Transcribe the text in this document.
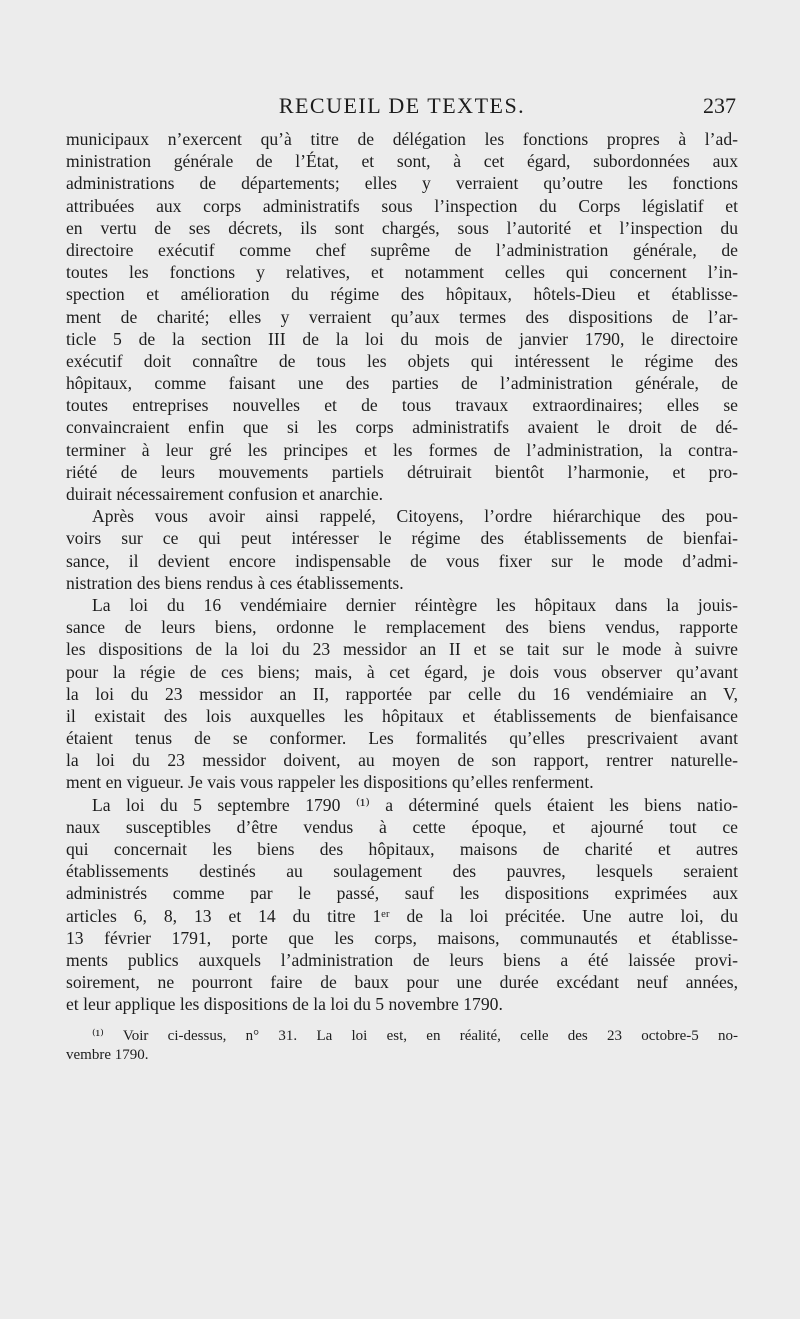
RECUEIL DE TEXTES.	237
municipaux n’exercent qu’à titre de délégation les fonctions propres à l’ad-
ministration générale de l’État, et sont, à cet égard, subordonnées aux
administrations de départements; elles y verraient qu’outre les fonctions
attribuées aux corps administratifs sous l’inspection du Corps législatif et
en vertu de ses décrets, ils sont chargés, sous l’autorité et l’inspection du
directoire exécutif comme chef suprême de l’administration générale, de
toutes les fonctions y relatives, et notamment celles qui concernent l’in-
spection et amélioration du régime des hôpitaux, hôtels-Dieu et établisse-
ment de charité; elles y verraient qu’aux termes des dispositions de l’ar-
ticle 5 de la section III de la loi du mois de janvier 1790, le directoire
exécutif doit connaître de tous les objets qui intéressent le régime des
hôpitaux, comme faisant une des parties de l’administration générale, de
toutes entreprises nouvelles et de tous travaux extraordinaires; elles se
convaincraient enfin que si les corps administratifs avaient le droit de dé-
terminer à leur gré les principes et les formes de l’administration, la contra-
riété de leurs mouvements partiels détruirait bientôt l’harmonie, et pro-
duirait nécessairement confusion et anarchie.
Après vous avoir ainsi rappelé, Citoyens, l’ordre hiérarchique des pou-
voirs sur ce qui peut intéresser le régime des établissements de bienfai-
sance, il devient encore indispensable de vous fixer sur le mode d’admi-
nistration des biens rendus à ces établissements.
La loi du 16 vendémiaire dernier réintègre les hôpitaux dans la jouis-
sance de leurs biens, ordonne le remplacement des biens vendus, rapporte
les dispositions de la loi du 23 messidor an II et se tait sur le mode à suivre
pour la régie de ces biens; mais, à cet égard, je dois vous observer qu’avant
la loi du 23 messidor an II, rapportée par celle du 16 vendémiaire an V,
il existait des lois auxquelles les hôpitaux et établissements de bienfaisance
étaient tenus de se conformer. Les formalités qu’elles prescrivaient avant
la loi du 23 messidor doivent, au moyen de son rapport, rentrer naturelle-
ment en vigueur. Je vais vous rappeler les dispositions qu’elles renferment.
La loi du 5 septembre 1790 ⁽¹⁾ a déterminé quels étaient les biens natio-
naux susceptibles d’être vendus à cette époque, et ajourné tout ce
qui concernait les biens des hôpitaux, maisons de charité et autres
établissements destinés au soulagement des pauvres, lesquels seraient
administrés comme par le passé, sauf les dispositions exprimées aux
articles 6, 8, 13 et 14 du titre 1ᵉʳ de la loi précitée. Une autre loi, du
13 février 1791, porte que les corps, maisons, communautés et établisse-
ments publics auxquels l’administration de leurs biens a été laissée provi-
soirement, ne pourront faire de baux pour une durée excédant neuf années,
et leur applique les dispositions de la loi du 5 novembre 1790.
⁽¹⁾ Voir ci-dessus, n° 31. La loi est, en réalité, celle des 23 octobre-5 no-
vembre 1790.
